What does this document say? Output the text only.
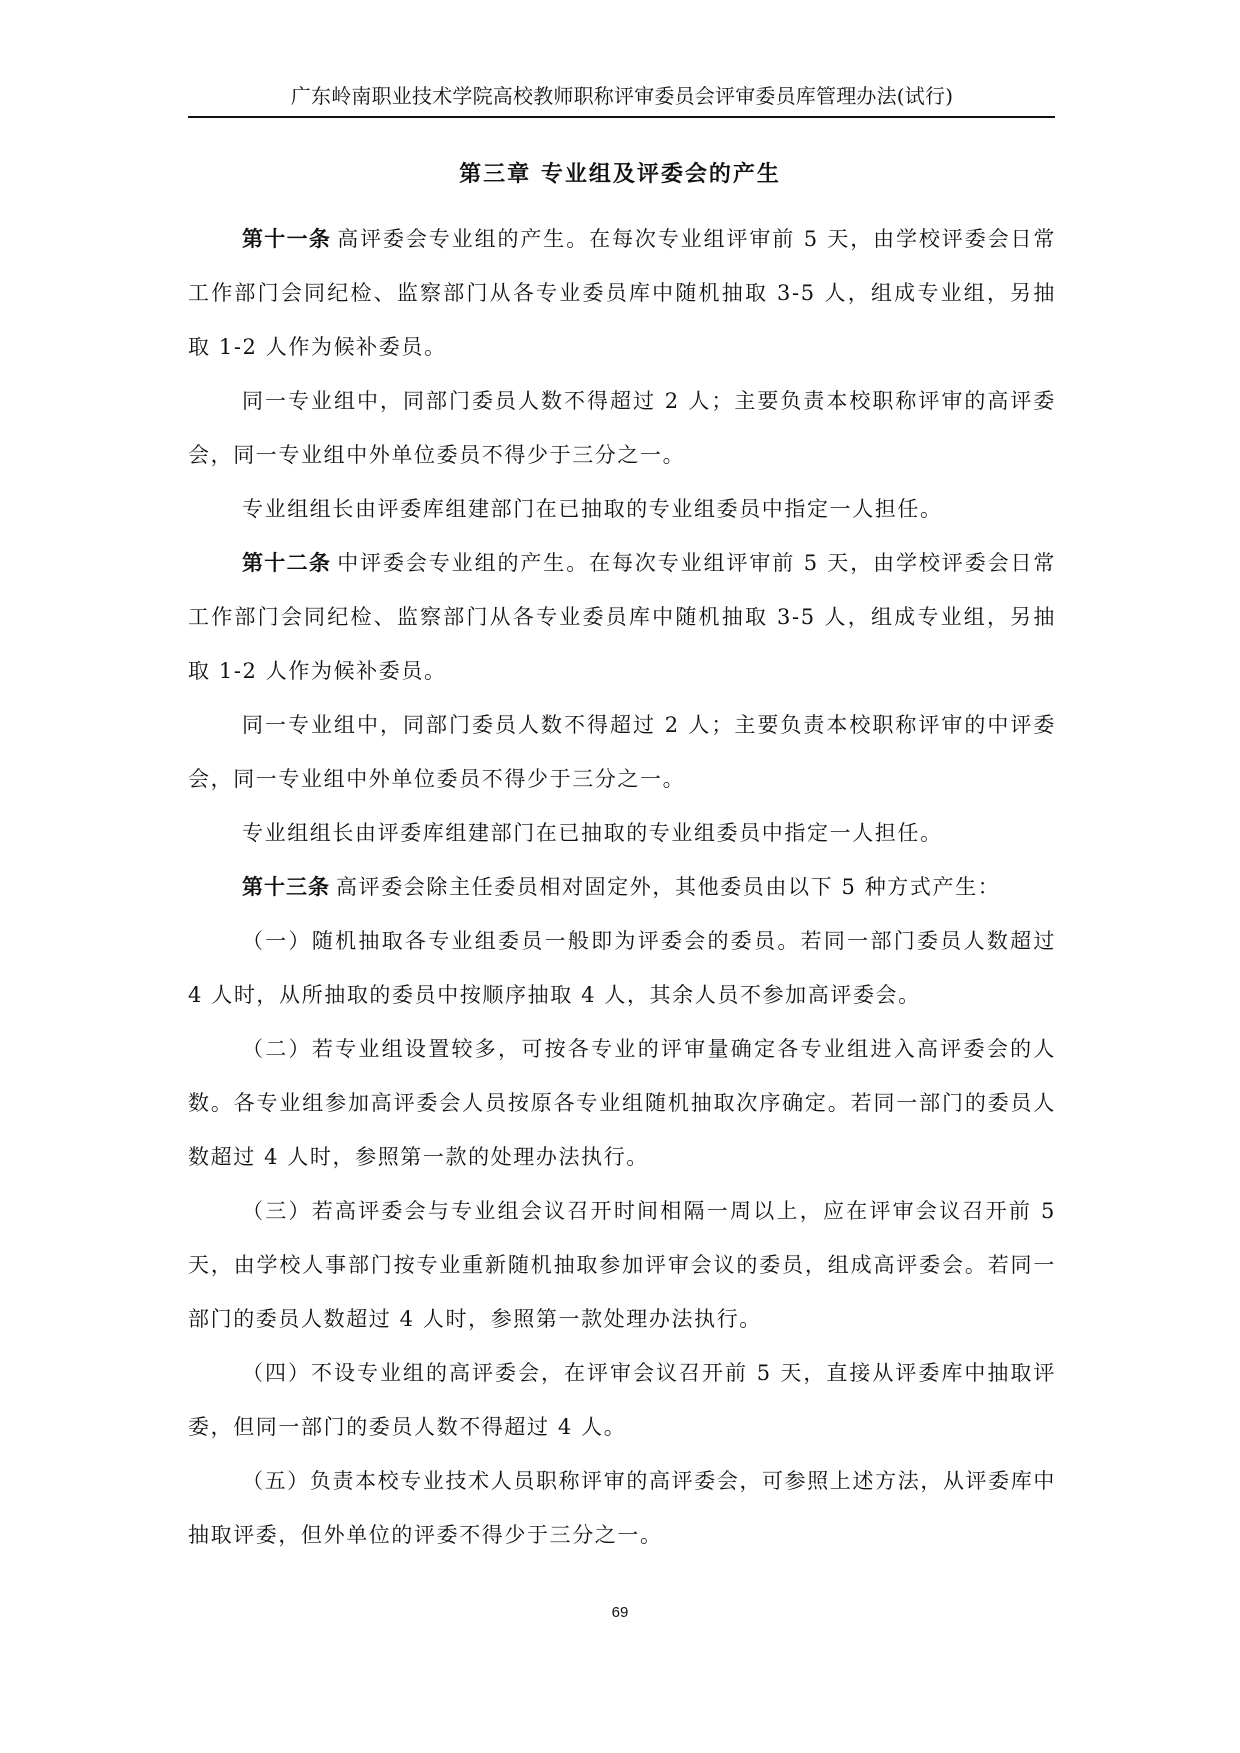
广东岭南职业技术学院高校教师职称评审委员会评审委员库管理办法(试行)
第三章 专业组及评委会的产生

第十一条 高评委会专业组的产生。在每次专业组评审前 5 天，由学校评委会日常工作部门会同纪检、监察部门从各专业委员库中随机抽取 3-5 人，组成专业组，另抽取 1-2 人作为候补委员。

同一专业组中，同部门委员人数不得超过 2 人；主要负责本校职称评审的高评委会，同一专业组中外单位委员不得少于三分之一。

专业组组长由评委库组建部门在已抽取的专业组委员中指定一人担任。

第十二条 中评委会专业组的产生。在每次专业组评审前 5 天，由学校评委会日常工作部门会同纪检、监察部门从各专业委员库中随机抽取 3-5 人，组成专业组，另抽取 1-2 人作为候补委员。

同一专业组中，同部门委员人数不得超过 2 人；主要负责本校职称评审的中评委会，同一专业组中外单位委员不得少于三分之一。

专业组组长由评委库组建部门在已抽取的专业组委员中指定一人担任。

第十三条 高评委会除主任委员相对固定外，其他委员由以下 5 种方式产生：

（一）随机抽取各专业组委员一般即为评委会的委员。若同一部门委员人数超过 4 人时，从所抽取的委员中按顺序抽取 4 人，其余人员不参加高评委会。

（二）若专业组设置较多，可按各专业的评审量确定各专业组进入高评委会的人数。各专业组参加高评委会人员按原各专业组随机抽取次序确定。若同一部门的委员人数超过 4 人时，参照第一款的处理办法执行。

（三）若高评委会与专业组会议召开时间相隔一周以上，应在评审会议召开前 5 天，由学校人事部门按专业重新随机抽取参加评审会议的委员，组成高评委会。若同一部门的委员人数超过 4 人时，参照第一款处理办法执行。

（四）不设专业组的高评委会，在评审会议召开前 5 天，直接从评委库中抽取评委，但同一部门的委员人数不得超过 4 人。

（五）负责本校专业技术人员职称评审的高评委会，可参照上述方法，从评委库中抽取评委，但外单位的评委不得少于三分之一。

69
